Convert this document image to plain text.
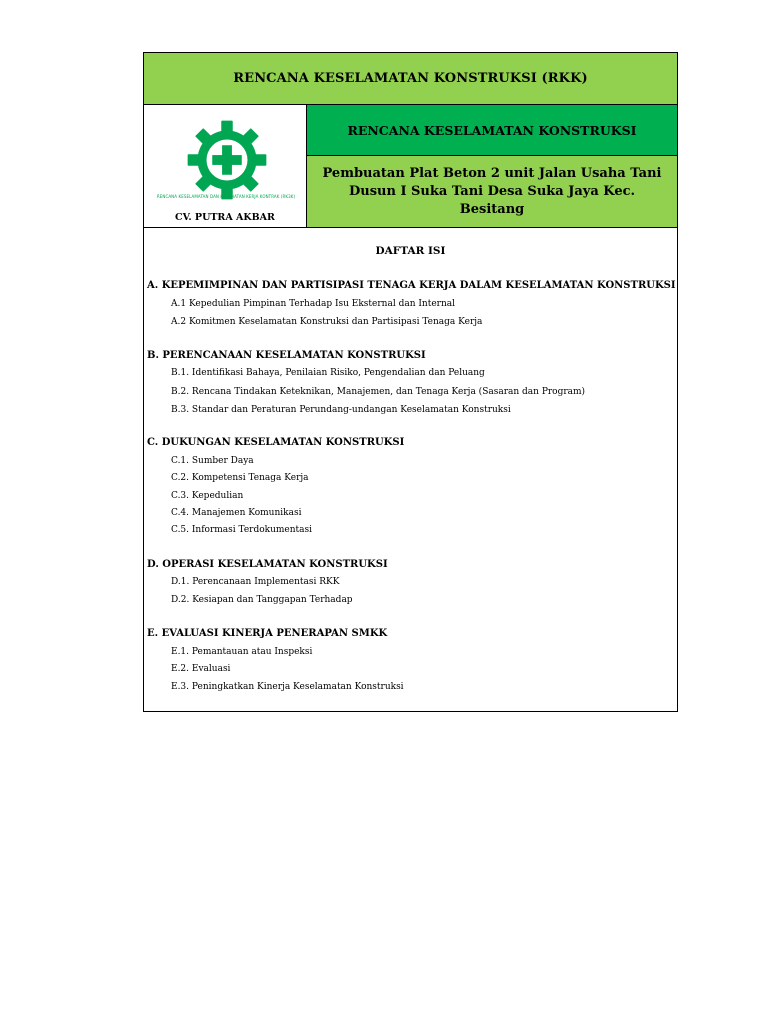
RENCANA KESELAMATAN KONSTRUKSI (RKK)
RENCANA KESELAMATAN DAN KESEHATAN KERJA KONTRAK (RK3K)
CV. PUTRA AKBAR
RENCANA KESELAMATAN KONSTRUKSI
Pembuatan Plat Beton 2 unit Jalan Usaha Tani Dusun I Suka Tani Desa Suka Jaya Kec. Besitang
DAFTAR ISI
A. KEPEMIMPINAN DAN PARTISIPASI TENAGA KERJA DALAM KESELAMATAN KONSTRUKSI
A.1 Kepedulian Pimpinan Terhadap Isu Eksternal dan Internal
A.2 Komitmen Keselamatan Konstruksi dan Partisipasi Tenaga Kerja
B. PERENCANAAN KESELAMATAN KONSTRUKSI
B.1. Identifikasi Bahaya, Penilaian Risiko, Pengendalian dan Peluang
B.2. Rencana Tindakan Keteknikan, Manajemen, dan Tenaga Kerja (Sasaran dan Program)
B.3. Standar dan Peraturan Perundang-undangan Keselamatan Konstruksi
C. DUKUNGAN KESELAMATAN KONSTRUKSI
C.1. Sumber Daya
C.2. Kompetensi Tenaga Kerja
C.3. Kepedulian
C.4. Manajemen Komunikasi
C.5. Informasi Terdokumentasi
D. OPERASI KESELAMATAN KONSTRUKSI
D.1. Perencanaan Implementasi RKK
D.2. Kesiapan dan Tanggapan Terhadap
E. EVALUASI KINERJA PENERAPAN SMKK
E.1. Pemantauan atau Inspeksi
E.2. Evaluasi
E.3. Peningkatkan Kinerja Keselamatan Konstruksi
